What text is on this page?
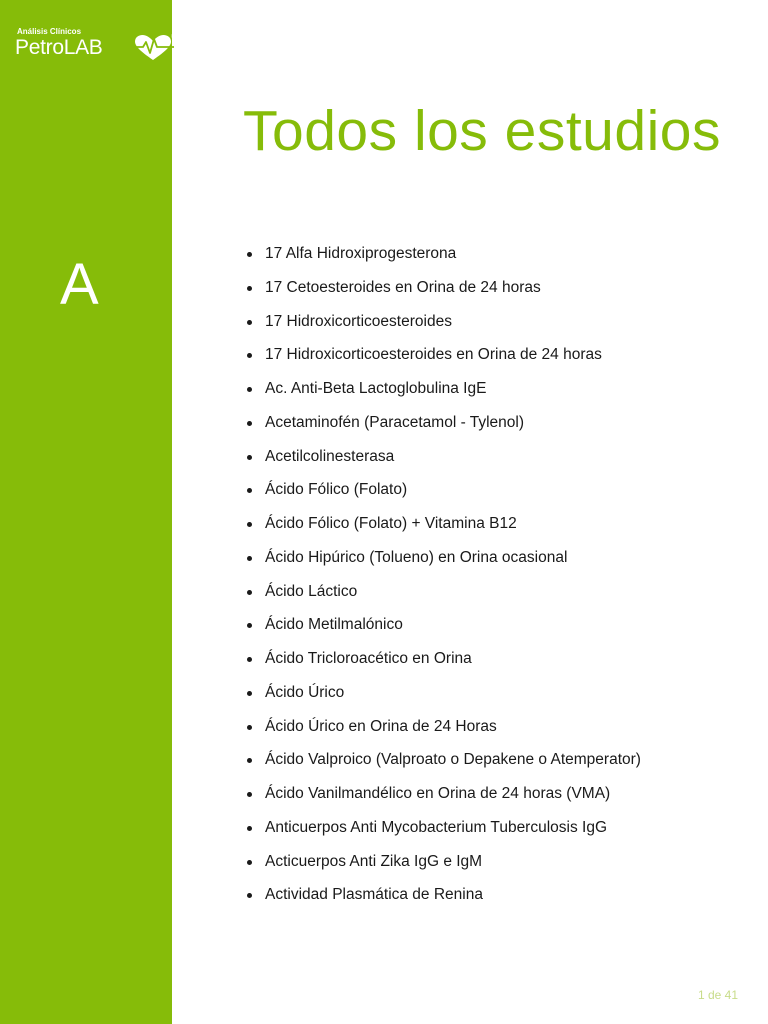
Análisis Clínicos
PetroLAB	®
A
Todos los estudios
17 Alfa Hidroxiprogesterona
17 Cetoesteroides en Orina de 24 horas
17 Hidroxicorticoesteroides
17 Hidroxicorticoesteroides en Orina de 24 horas
Ac. Anti-Beta Lactoglobulina IgE
Acetaminofén (Paracetamol - Tylenol)
Acetilcolinesterasa
Ácido Fólico (Folato)
Ácido Fólico (Folato) + Vitamina B12
Ácido Hipúrico (Tolueno) en Orina ocasional
Ácido Láctico
Ácido Metilmalónico
Ácido Tricloroacético en Orina
Ácido Úrico
Ácido Úrico en Orina de 24 Horas
Ácido Valproico (Valproato o Depakene o Atemperator)
Ácido Vanilmandélico en Orina de 24 horas (VMA)
Anticuerpos Anti Mycobacterium Tuberculosis IgG
Acticuerpos Anti Zika IgG e IgM
Actividad Plasmática de Renina
1 de 41
